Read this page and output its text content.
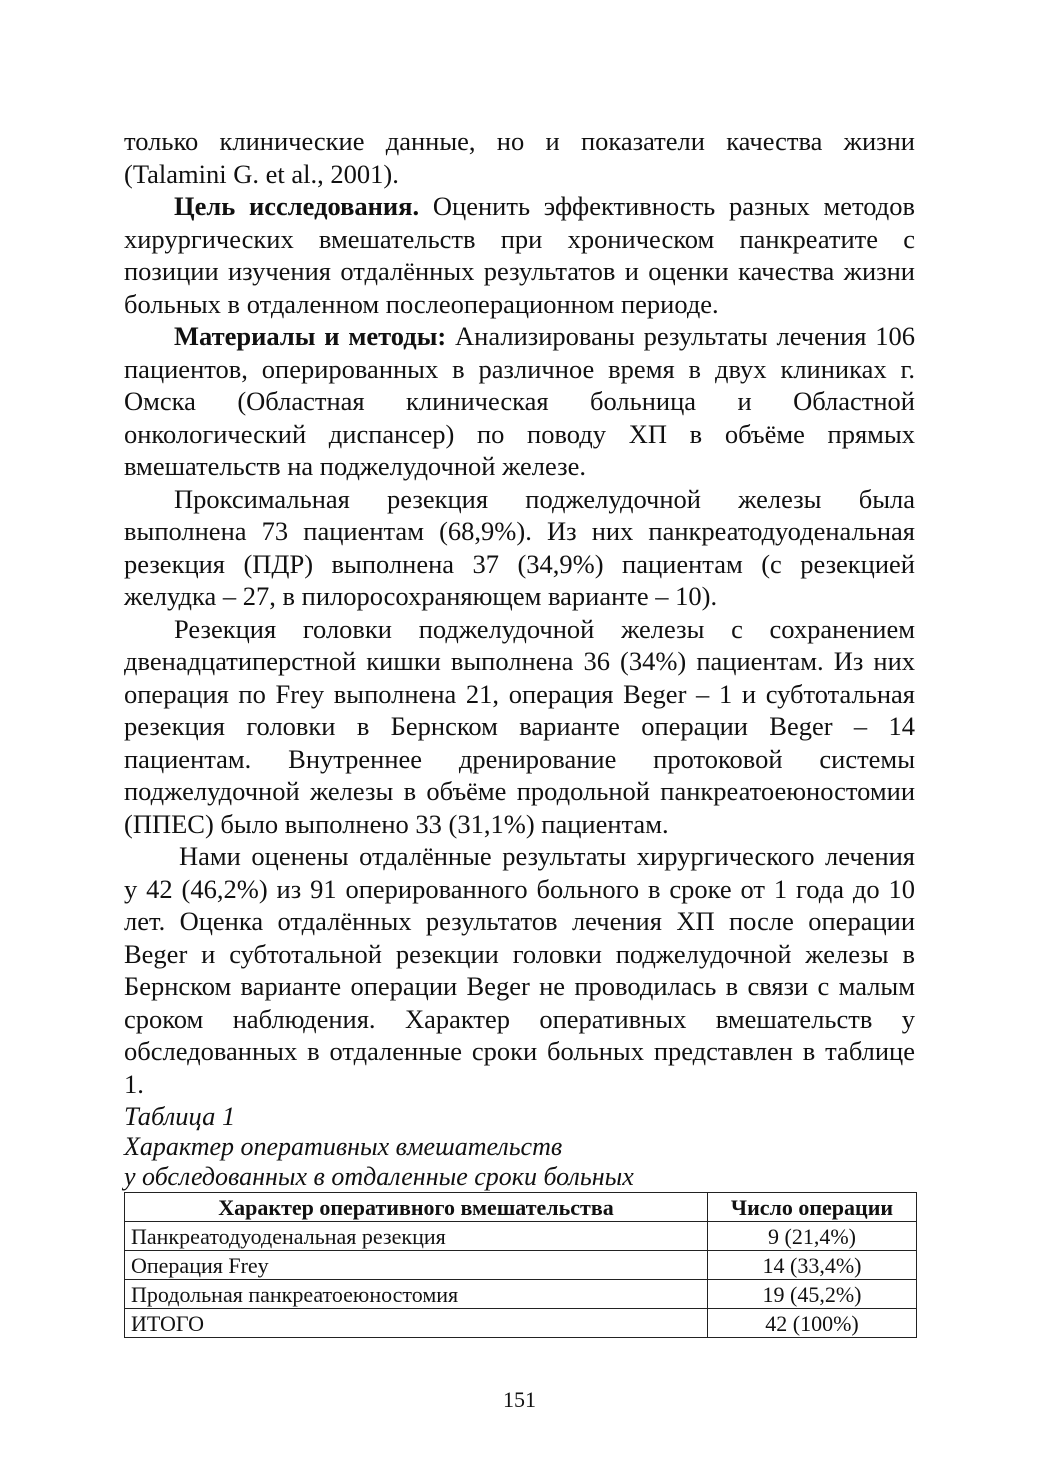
только клинические данные, но и показатели качества жизни (Talamini G. et al., 2001).

Цель исследования. Оценить эффективность разных методов хирургических вмешательств при хроническом панкреатите с позиции изучения отдалённых результатов и оценки качества жизни больных в отдаленном послеоперационном периоде.

Материалы и методы: Анализированы результаты лечения 106 пациентов, оперированных в различное время в двух клиниках г. Омска (Областная клиническая больница и Областной онкологический диспансер) по поводу ХП в объёме прямых вмешательств на поджелудочной железе.

Проксимальная резекция поджелудочной железы была выполнена 73 пациентам (68,9%). Из них панкреатодуоденальная резекция (ПДР) выполнена 37 (34,9%) пациентам (с резекцией желудка – 27, в пилоросохраняющем варианте – 10).

Резекция головки поджелудочной железы с сохранением двенадцатиперстной кишки выполнена 36 (34%) пациентам. Из них операция по Frey выполнена 21, операция Beger – 1 и субтотальная резекция головки в Бернском варианте операции Beger – 14 пациентам. Внутреннее дренирование протоковой системы поджелудочной железы в объёме продольной панкреатоеюностомии (ППЕС) было выполнено 33 (31,1%) пациентам.

Нами оценены отдалённые результаты хирургического лечения у 42 (46,2%) из 91 оперированного больного в сроке от 1 года до 10 лет. Оценка отдалённых результатов лечения ХП после операции Beger и субтотальной резекции головки поджелудочной железы в Бернском варианте операции Beger не проводилась в связи с малым сроком наблюдения. Характер оперативных вмешательств у обследованных в отдаленные сроки больных представлен в таблице 1.

Таблица 1

Характер оперативных вмешательств

у обследованных в отдаленные сроки больных

Характер оперативного вмешательства	Число операции
Панкреатодуоденальная резекция	9 (21,4%)
Операция Frey	14 (33,4%)
Продольная панкреатоеюностомия	19 (45,2%)
ИТОГО	42 (100%)
151
